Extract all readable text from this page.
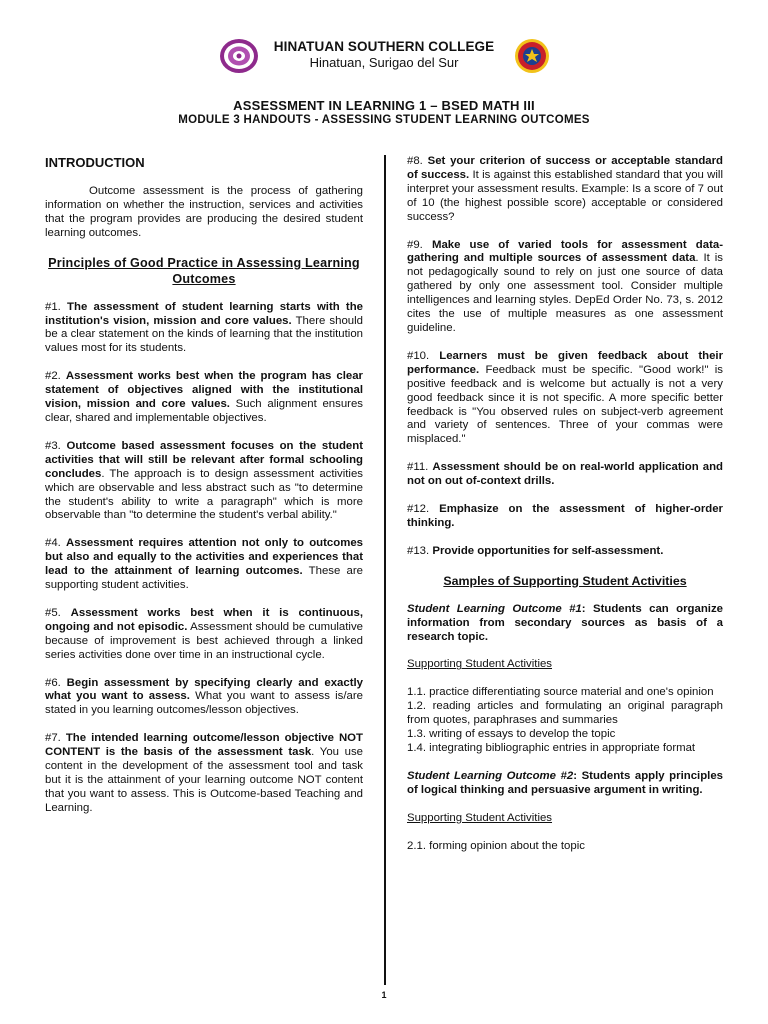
HINATUAN SOUTHERN COLLEGE
Hinatuan, Surigao del Sur
ASSESSMENT IN LEARNING 1 – BSED MATH III
MODULE 3 HANDOUTS - ASSESSING STUDENT LEARNING OUTCOMES
INTRODUCTION

Outcome assessment is the process of gathering information on whether the instruction, services and activities that the program provides are producing the desired student learning outcomes.

Principles of Good Practice in Assessing Learning Outcomes

#1. The assessment of student learning starts with the institution's vision, mission and core values. There should be a clear statement on the kinds of learning that the institution values most for its students.

#2. Assessment works best when the program has clear statement of objectives aligned with the institutional vision, mission and core values. Such alignment ensures clear, shared and implementable objectives.

#3. Outcome based assessment focuses on the student activities that will still be relevant after formal schooling concludes. The approach is to design assessment activities which are observable and less abstract such as "to determine the student's ability to write a paragraph" which is more observable than "to determine the student's verbal ability."

#4. Assessment requires attention not only to outcomes but also and equally to the activities and experiences that lead to the attainment of learning outcomes. These are supporting student activities.

#5. Assessment works best when it is continuous, ongoing and not episodic. Assessment should be cumulative because of improvement is best achieved through a linked series activities done over time in an instructional cycle.

#6. Begin assessment by specifying clearly and exactly what you want to assess. What you want to assess is/are stated in you learning outcomes/lesson objectives.

#7. The intended learning outcome/lesson objective NOT CONTENT is the basis of the assessment task. You use content in the development of the assessment tool and task but it is the attainment of your learning outcome NOT content that you want to assess. This is Outcome-based Teaching and Learning.

#8. Set your criterion of success or acceptable standard of success. It is against this established standard that you will interpret your assessment results. Example: Is a score of 7 out of 10 (the highest possible score) acceptable or considered success?

#9. Make use of varied tools for assessment data-gathering and multiple sources of assessment data. It is not pedagogically sound to rely on just one source of data gathered by only one assessment tool. Consider multiple intelligences and learning styles. DepEd Order No. 73, s. 2012 cites the use of multiple measures as one assessment guideline.

#10. Learners must be given feedback about their performance. Feedback must be specific. "Good work!" is positive feedback and is welcome but actually is not a very good feedback since it is not specific. A more specific better feedback is "You observed rules on subject-verb agreement and variety of sentences. Three of your commas were misplaced."

#11. Assessment should be on real-world application and not on out of-context drills.

#12. Emphasize on the assessment of higher-order thinking.

#13. Provide opportunities for self-assessment.

Samples of Supporting Student Activities

Student Learning Outcome #1: Students can organize information from secondary sources as basis of a research topic.

Supporting Student Activities

1.1. practice differentiating source material and one's opinion
1.2. reading articles and formulating an original paragraph from quotes, paraphrases and summaries
1.3. writing of essays to develop the topic
1.4. integrating bibliographic entries in appropriate format

Student Learning Outcome #2: Students apply principles of logical thinking and persuasive argument in writing.

Supporting Student Activities

2.1. forming opinion about the topic
1
